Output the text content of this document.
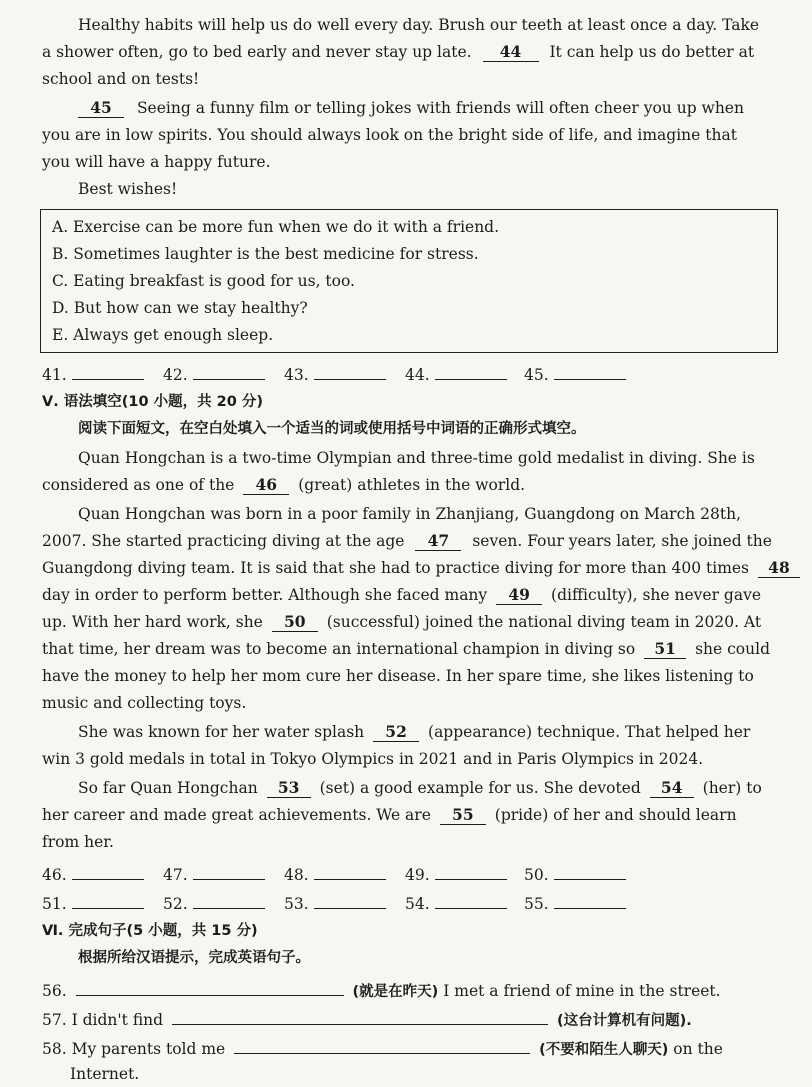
Healthy habits will help us do well every day. Brush our teeth at least once a day. Take
a shower often, go to bed early and never stay up late. 44 It can help us do better at
school and on tests!
45 Seeing a funny film or telling jokes with friends will often cheer you up when
you are in low spirits. You should always look on the bright side of life, and imagine that
you will have a happy future.
Best wishes!
A. Exercise can be more fun when we do it with a friend.
B. Sometimes laughter is the best medicine for stress.
C. Eating breakfast is good for us, too.
D. But how can we stay healthy?
E. Always get enough sleep.
41.	42.	43.	44.	45.
Ⅴ. 语法填空(10 小题，共 20 分)
阅读下面短文，在空白处填入一个适当的词或使用括号中词语的正确形式填空。
Quan Hongchan is a two-time Olympian and three-time gold medalist in diving. She is
considered as one of the 46 (great) athletes in the world.
Quan Hongchan was born in a poor family in Zhanjiang, Guangdong on March 28th,
2007. She started practicing diving at the age 47 seven. Four years later, she joined the
Guangdong diving team. It is said that she had to practice diving for more than 400 times 48
day in order to perform better. Although she faced many 49 (difficulty), she never gave
up. With her hard work, she 50 (successful) joined the national diving team in 2020. At
that time, her dream was to become an international champion in diving so 51 she could
have the money to help her mom cure her disease. In her spare time, she likes listening to
music and collecting toys.
She was known for her water splash 52 (appearance) technique. That helped her
win 3 gold medals in total in Tokyo Olympics in 2021 and in Paris Olympics in 2024.
So far Quan Hongchan 53 (set) a good example for us. She devoted 54 (her) to
her career and made great achievements. We are 55 (pride) of her and should learn
from her.
46.	47.	48.	49.	50.
51.	52.	53.	54.	55.
Ⅵ. 完成句子(5 小题，共 15 分)
根据所给汉语提示，完成英语句子。
56.	(就是在昨天) I met a friend of mine in the street.
57. I didn't find	(这台计算机有问题).
58. My parents told me	(不要和陌生人聊天) on the
Internet.
